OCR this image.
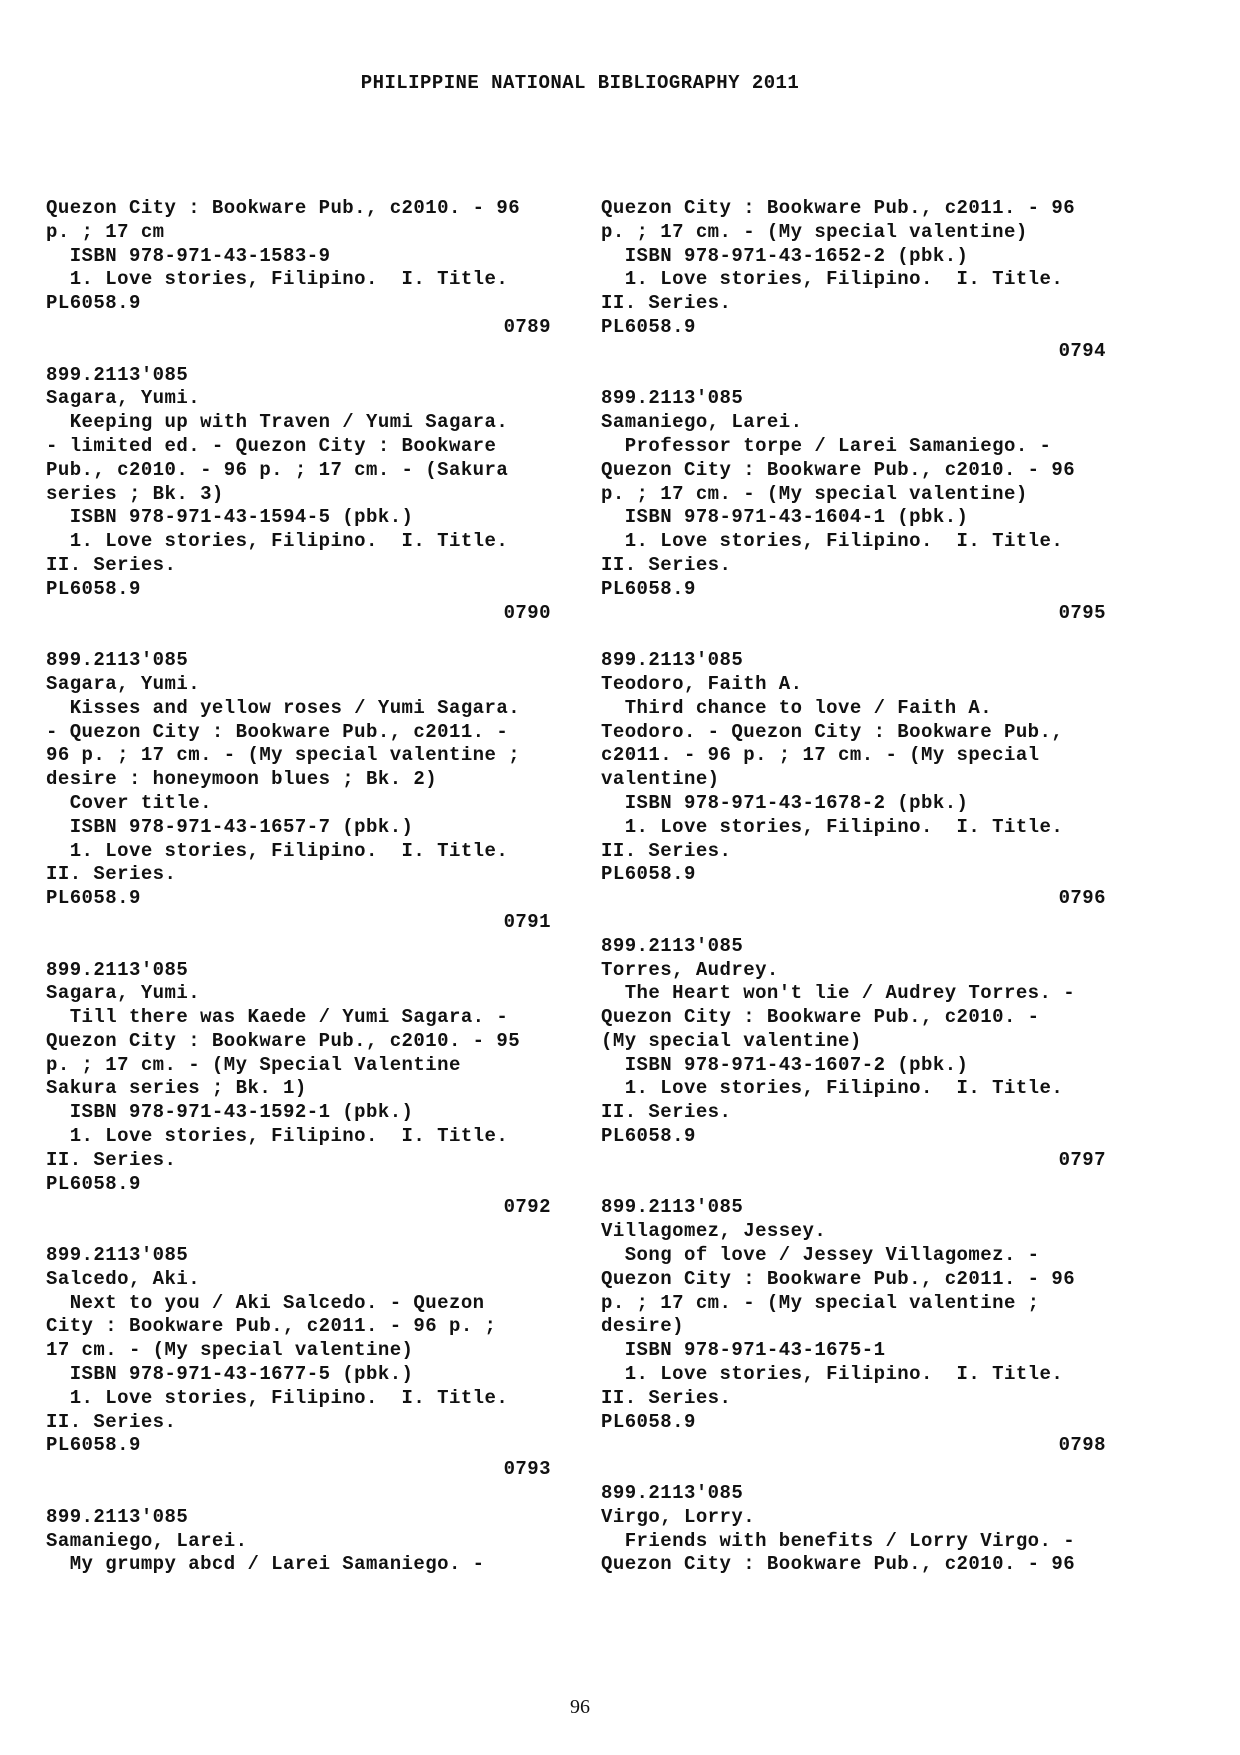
PHILIPPINE NATIONAL BIBLIOGRAPHY 2011
Quezon City : Bookware Pub., c2010. - 96
p. ; 17 cm
ISBN 978-971-43-1583-9
1. Love stories, Filipino.  I. Title.
PL6058.9
0789
899.2113'085
Sagara, Yumi.
Keeping up with Traven / Yumi Sagara.
- limited ed. - Quezon City : Bookware
Pub., c2010. - 96 p. ; 17 cm. - (Sakura
series ; Bk. 3)
ISBN 978-971-43-1594-5 (pbk.)
1. Love stories, Filipino.  I. Title.
II. Series.
PL6058.9
0790
899.2113'085
Sagara, Yumi.
Kisses and yellow roses / Yumi Sagara.
- Quezon City : Bookware Pub., c2011. -
96 p. ; 17 cm. - (My special valentine ;
desire : honeymoon blues ; Bk. 2)
Cover title.
ISBN 978-971-43-1657-7 (pbk.)
1. Love stories, Filipino.  I. Title.
II. Series.
PL6058.9
0791
899.2113'085
Sagara, Yumi.
Till there was Kaede / Yumi Sagara. -
Quezon City : Bookware Pub., c2010. - 95
p. ; 17 cm. - (My Special Valentine
Sakura series ; Bk. 1)
ISBN 978-971-43-1592-1 (pbk.)
1. Love stories, Filipino.  I. Title.
II. Series.
PL6058.9
0792
899.2113'085
Salcedo, Aki.
Next to you / Aki Salcedo. - Quezon
City : Bookware Pub., c2011. - 96 p. ;
17 cm. - (My special valentine)
ISBN 978-971-43-1677-5 (pbk.)
1. Love stories, Filipino.  I. Title.
II. Series.
PL6058.9
0793
899.2113'085
Samaniego, Larei.
My grumpy abcd / Larei Samaniego. -
Quezon City : Bookware Pub., c2011. - 96
p. ; 17 cm. - (My special valentine)
ISBN 978-971-43-1652-2 (pbk.)
1. Love stories, Filipino.  I. Title.
II. Series.
PL6058.9
0794
899.2113'085
Samaniego, Larei.
Professor torpe / Larei Samaniego. -
Quezon City : Bookware Pub., c2010. - 96
p. ; 17 cm. - (My special valentine)
ISBN 978-971-43-1604-1 (pbk.)
1. Love stories, Filipino.  I. Title.
II. Series.
PL6058.9
0795
899.2113'085
Teodoro, Faith A.
Third chance to love / Faith A.
Teodoro. - Quezon City : Bookware Pub.,
c2011. - 96 p. ; 17 cm. - (My special
valentine)
ISBN 978-971-43-1678-2 (pbk.)
1. Love stories, Filipino.  I. Title.
II. Series.
PL6058.9
0796
899.2113'085
Torres, Audrey.
The Heart won't lie / Audrey Torres. -
Quezon City : Bookware Pub., c2010. -
(My special valentine)
ISBN 978-971-43-1607-2 (pbk.)
1. Love stories, Filipino.  I. Title.
II. Series.
PL6058.9
0797
899.2113'085
Villagomez, Jessey.
Song of love / Jessey Villagomez. -
Quezon City : Bookware Pub., c2011. - 96
p. ; 17 cm. - (My special valentine ;
desire)
ISBN 978-971-43-1675-1
1. Love stories, Filipino.  I. Title.
II. Series.
PL6058.9
0798
899.2113'085
Virgo, Lorry.
Friends with benefits / Lorry Virgo. -
Quezon City : Bookware Pub., c2010. - 96
96
